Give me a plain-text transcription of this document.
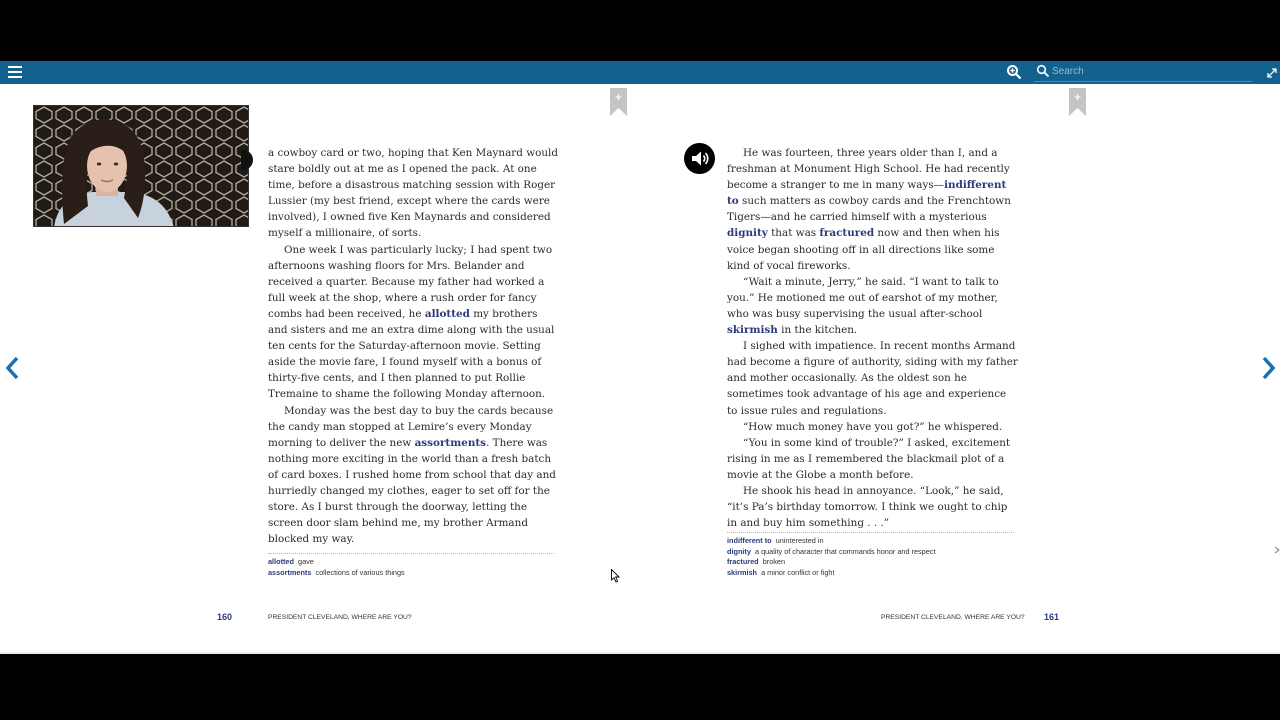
Search

a cowboy card or two, hoping that Ken Maynard would stare boldly out at me as I opened the pack. At one time, before a disastrous matching session with Roger Lussier (my best friend, except where the cards were involved), I owned five Ken Maynards and considered myself a millionaire, of sorts.

One week I was particularly lucky; I had spent two afternoons washing floors for Mrs. Belander and received a quarter. Because my father had worked a full week at the shop, where a rush order for fancy combs had been received, he allotted my brothers and sisters and me an extra dime along with the usual ten cents for the Saturday-afternoon movie. Setting aside the movie fare, I found myself with a bonus of thirty-five cents, and I then planned to put Rollie Tremaine to shame the following Monday afternoon.

Monday was the best day to buy the cards because the candy man stopped at Lemire’s every Monday morning to deliver the new assortments. There was nothing more exciting in the world than a fresh batch of card boxes. I rushed home from school that day and hurriedly changed my clothes, eager to set off for the store. As I burst through the doorway, letting the screen door slam behind me, my brother Armand blocked my way.

He was fourteen, three years older than I, and a freshman at Monument High School. He had recently become a stranger to me in many ways—indifferent to such matters as cowboy cards and the Frenchtown Tigers—and he carried himself with a mysterious dignity that was fractured now and then when his voice began shooting off in all directions like some kind of vocal fireworks.

“Wait a minute, Jerry,” he said. “I want to talk to you.” He motioned me out of earshot of my mother, who was busy supervising the usual after-school skirmish in the kitchen.

I sighed with impatience. In recent months Armand had become a figure of authority, siding with my father and mother occasionally. As the oldest son he sometimes took advantage of his age and experience to issue rules and regulations.

“How much money have you got?” he whispered.

“You in some kind of trouble?” I asked, excitement rising in me as I remembered the blackmail plot of a movie at the Globe a month before.

He shook his head in annoyance. “Look,” he said, “it’s Pa’s birthday tomorrow. I think we ought to chip in and buy him something . . .”

allotted gave
assortments collections of various things
indifferent to uninterested in
dignity a quality of character that commands honor and respect
fractured broken
skirmish a minor conflict or fight
160	PRESIDENT CLEVELAND, WHERE ARE YOU?	PRESIDENT CLEVELAND, WHERE ARE YOU? 161
